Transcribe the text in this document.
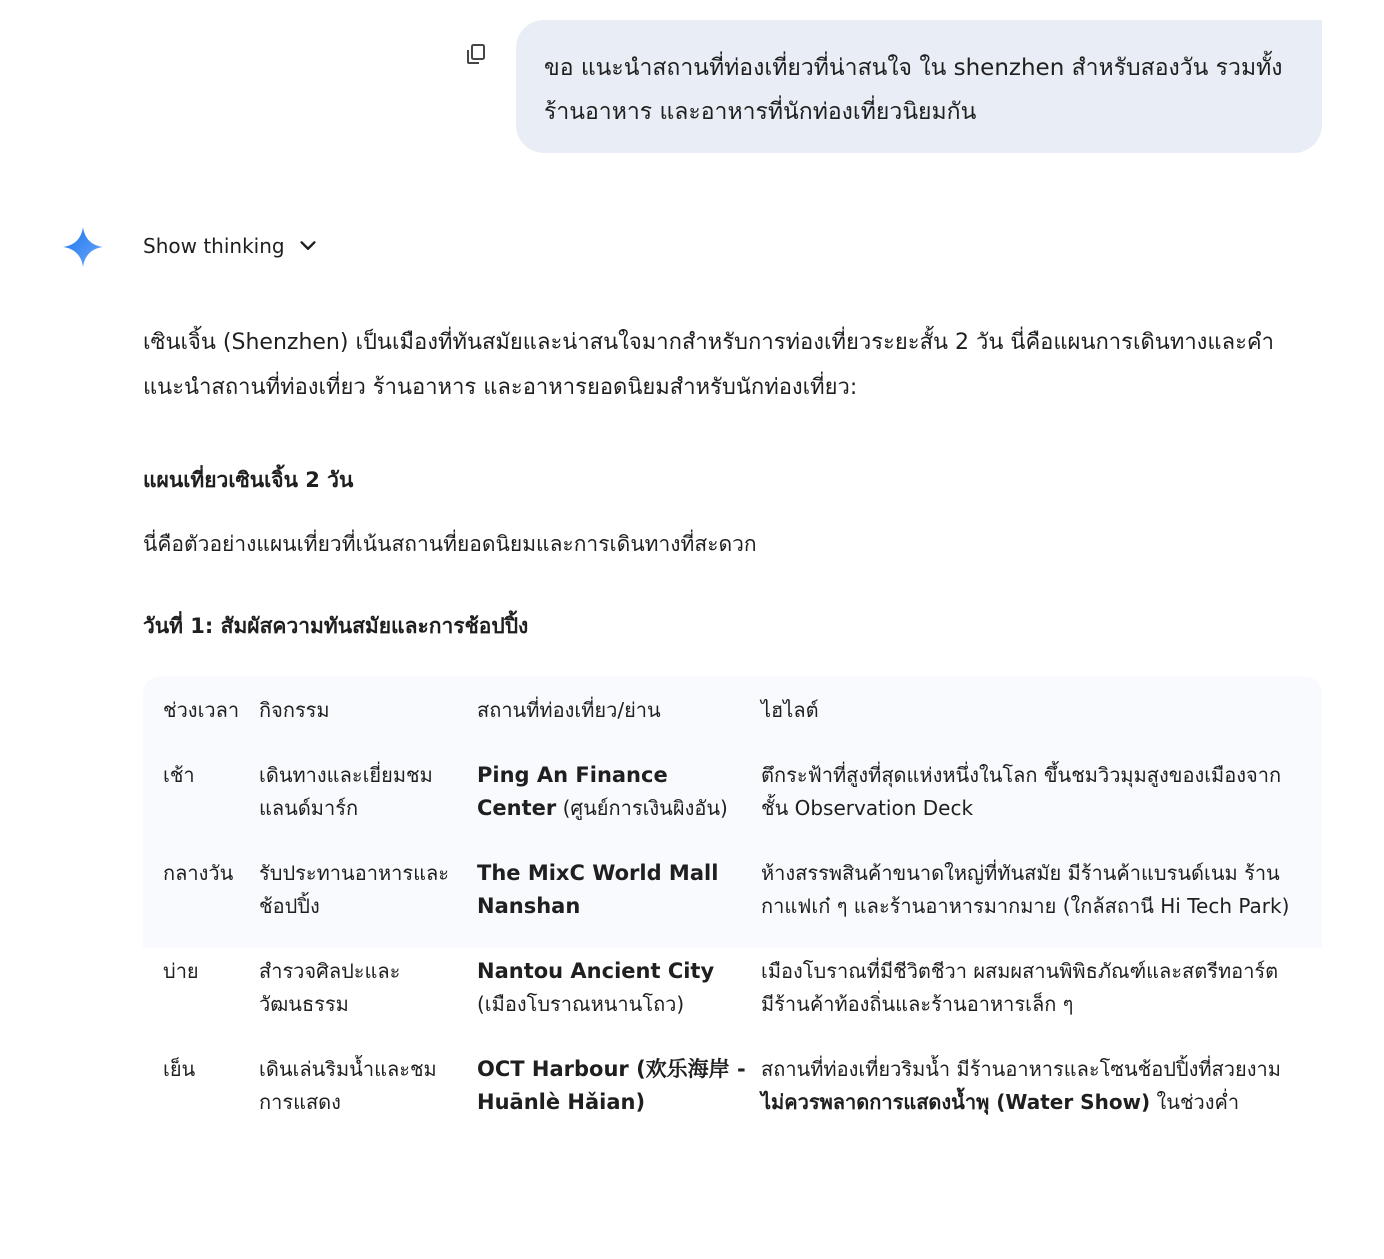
ขอ แนะนำสถานที่ท่องเที่ยวที่น่าสนใจ ใน shenzhen สำหรับสองวัน รวมทั้งร้านอาหาร และอาหารที่นักท่องเที่ยวนิยมกัน
Show thinking

เซินเจิ้น (Shenzhen) เป็นเมืองที่ทันสมัยและน่าสนใจมากสำหรับการท่องเที่ยวระยะสั้น 2 วัน นี่คือแผนการเดินทางและคำแนะนำสถานที่ท่องเที่ยว ร้านอาหาร และอาหารยอดนิยมสำหรับนักท่องเที่ยว:

แผนเที่ยวเซินเจิ้น 2 วัน

นี่คือตัวอย่างแผนเที่ยวที่เน้นสถานที่ยอดนิยมและการเดินทางที่สะดวก

วันที่ 1: สัมผัสความทันสมัยและการช้อปปิ้ง
ช่วงเวลา	กิจกรรม	สถานที่ท่องเที่ยว/ย่าน	ไฮไลต์
เช้า	เดินทางและเยี่ยมชมแลนด์มาร์ก	Ping An Finance Center (ศูนย์การเงินผิงอัน)	ตึกระฟ้าที่สูงที่สุดแห่งหนึ่งในโลก ขึ้นชมวิวมุมสูงของเมืองจากชั้น Observation Deck
กลางวัน	รับประทานอาหารและช้อปปิ้ง	The MixC World Mall Nanshan	ห้างสรรพสินค้าขนาดใหญ่ที่ทันสมัย มีร้านค้าแบรนด์เนม ร้านกาแฟเก๋ ๆ และร้านอาหารมากมาย (ใกล้สถานี Hi Tech Park)
บ่าย	สำรวจศิลปะและวัฒนธรรม	Nantou Ancient City (เมืองโบราณหนานโถว)	เมืองโบราณที่มีชีวิตชีวา ผสมผสานพิพิธภัณฑ์และสตรีทอาร์ต มีร้านค้าท้องถิ่นและร้านอาหารเล็ก ๆ
เย็น	เดินเล่นริมน้ำและชมการแสดง	OCT Harbour (欢乐海岸 - Huānlè Hǎian)	สถานที่ท่องเที่ยวริมน้ำ มีร้านอาหารและโซนช้อปปิ้งที่สวยงาม ไม่ควรพลาดการแสดงน้ำพุ (Water Show) ในช่วงค่ำ
